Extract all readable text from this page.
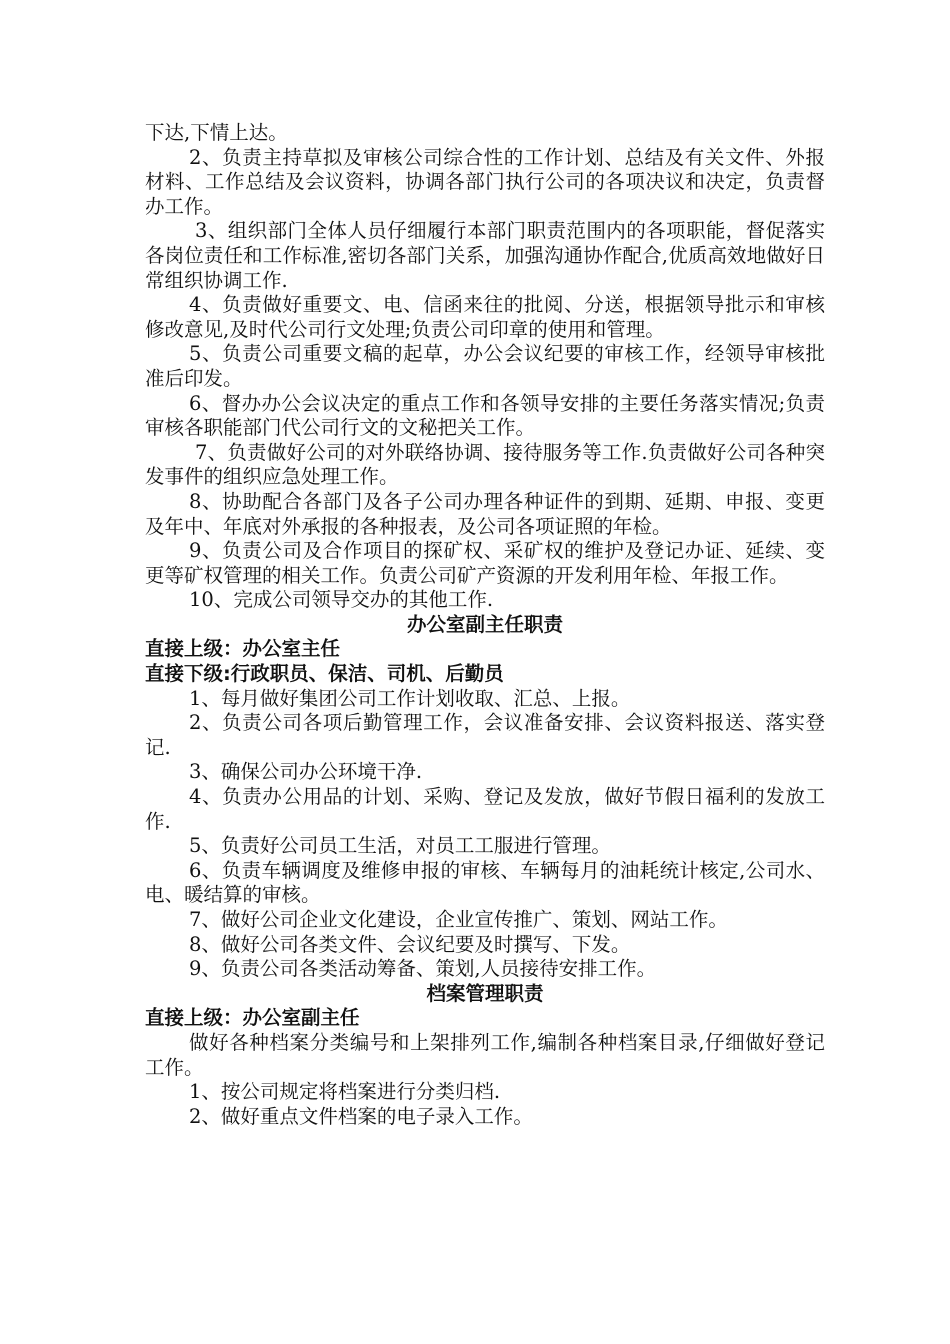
下达,下情上达。

2、负责主持草拟及审核公司综合性的工作计划、总结及有关文件、外报材料、工作总结及会议资料，协调各部门执行公司的各项决议和决定，负责督办工作。

3、组织部门全体人员仔细履行本部门职责范围内的各项职能，督促落实各岗位责任和工作标准,密切各部门关系，加强沟通协作配合,优质高效地做好日常组织协调工作.

4、负责做好重要文、电、信函来往的批阅、分送，根据领导批示和审核修改意见,及时代公司行文处理;负责公司印章的使用和管理。

5、负责公司重要文稿的起草，办公会议纪要的审核工作，经领导审核批准后印发。

6、督办办公会议决定的重点工作和各领导安排的主要任务落实情况;负责审核各职能部门代公司行文的文秘把关工作。

7、负责做好公司的对外联络协调、接待服务等工作.负责做好公司各种突发事件的组织应急处理工作。

8、协助配合各部门及各子公司办理各种证件的到期、延期、申报、变更及年中、年底对外承报的各种报表，及公司各项证照的年检。

9、负责公司及合作项目的探矿权、采矿权的维护及登记办证、延续、变更等矿权管理的相关工作。负责公司矿产资源的开发利用年检、年报工作。

10、完成公司领导交办的其他工作.

办公室副主任职责

直接上级：办公室主任

直接下级:行政职员、保洁、司机、后勤员

1、每月做好集团公司工作计划收取、汇总、上报。

2、负责公司各项后勤管理工作，会议准备安排、会议资料报送、落实登记.

3、确保公司办公环境干净.

4、负责办公用品的计划、采购、登记及发放，做好节假日福利的发放工作.

5、负责好公司员工生活，对员工工服进行管理。

6、负责车辆调度及维修申报的审核、车辆每月的油耗统计核定,公司水、电、暖结算的审核。

7、做好公司企业文化建设，企业宣传推广、策划、网站工作。

8、做好公司各类文件、会议纪要及时撰写、下发。

9、负责公司各类活动筹备、策划,人员接待安排工作。

档案管理职责

直接上级：办公室副主任

做好各种档案分类编号和上架排列工作,编制各种档案目录,仔细做好登记工作。

1、按公司规定将档案进行分类归档.

2、做好重点文件档案的电子录入工作。
